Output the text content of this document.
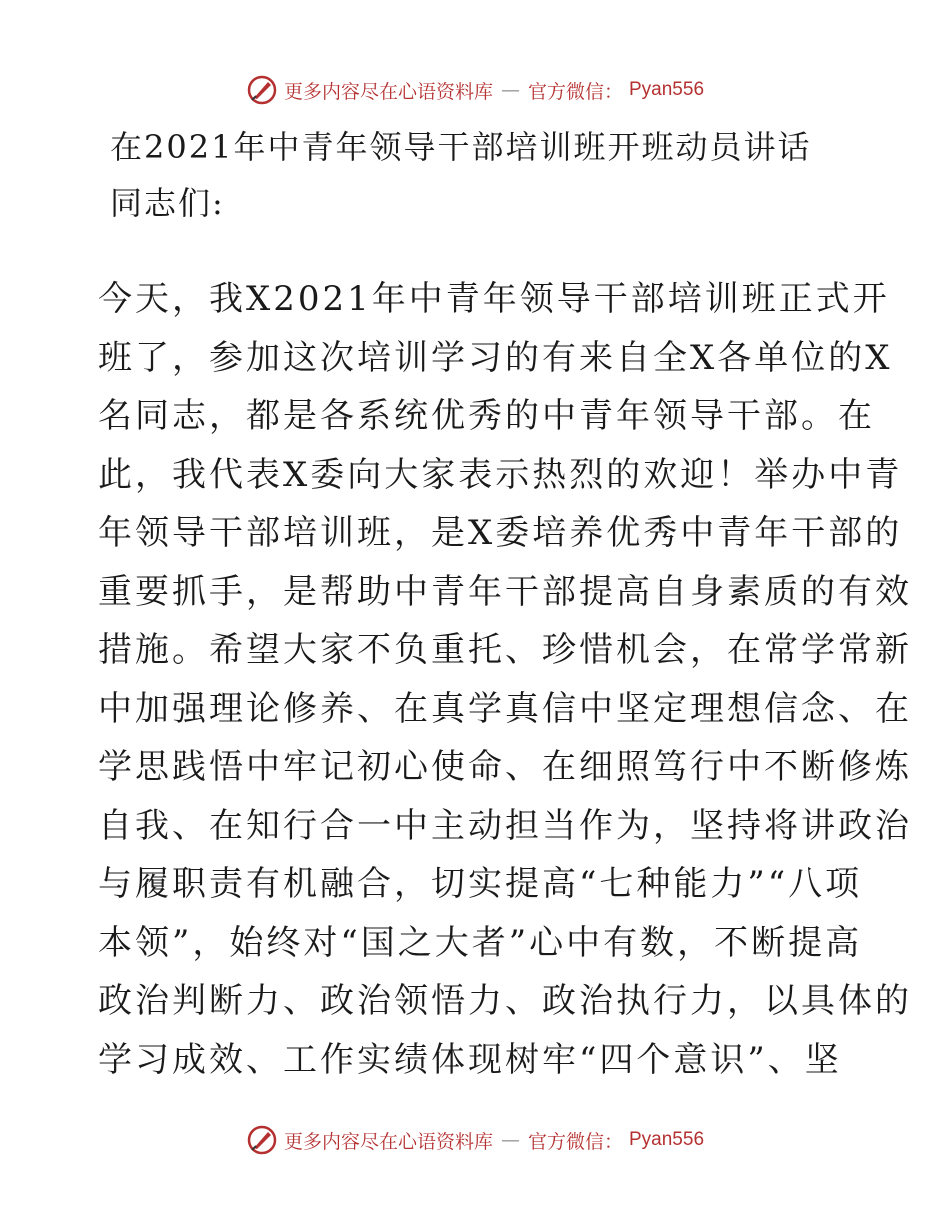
更多内容尽在心语资料库 — 官方微信： Pyan556
在2021年中青年领导干部培训班开班动员讲话
同志们:
今天，我X2021年中青年领导干部培训班正式开
班了，参加这次培训学习的有来自全X各单位的X
名同志，都是各系统优秀的中青年领导干部。在
此，我代表X委向大家表示热烈的欢迎！举办中青
年领导干部培训班，是X委培养优秀中青年干部的
重要抓手，是帮助中青年干部提高自身素质的有效
措施。希望大家不负重托、珍惜机会，在常学常新
中加强理论修养、在真学真信中坚定理想信念、在
学思践悟中牢记初心使命、在细照笃行中不断修炼
自我、在知行合一中主动担当作为，坚持将讲政治
与履职责有机融合，切实提高“七种能力”“八项
本领”，始终对“国之大者”心中有数，不断提高
政治判断力、政治领悟力、政治执行力，以具体的
学习成效、工作实绩体现树牢“四个意识”、坚
更多内容尽在心语资料库 — 官方微信： Pyan556
